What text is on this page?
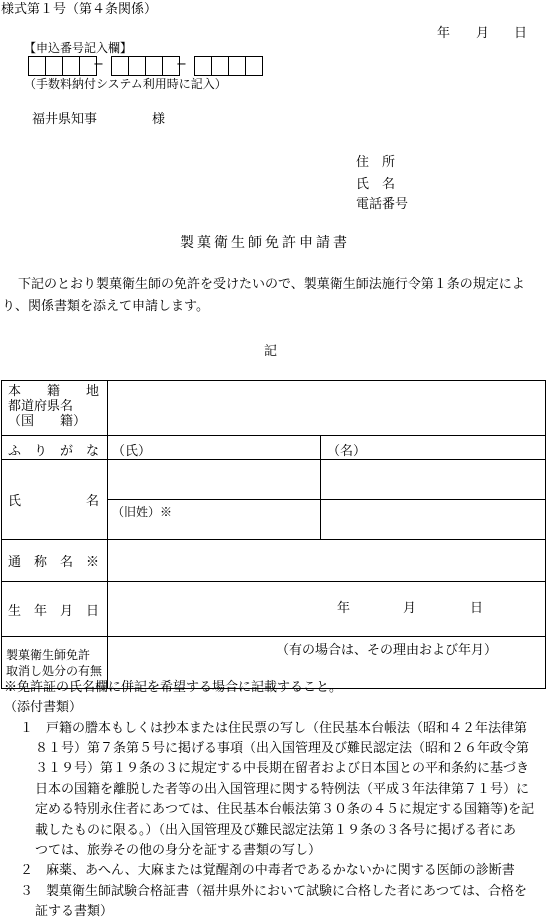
様式第１号（第４条関係）
年 月 日
【申込番号記入欄】
−	−
（手数料納付システム利用時に記入）
福井県知事	様
住　所
氏　名
電話番号
製菓衛生師免許申請書
下記のとおり製菓衛生師の免許を受けたいので、製菓衛生師法施行令第１条の規定によ
り、関係書類を添えて申請します。
記
本　　籍　　地
都道府県名
（国　　籍）		

ふ　り　が　な	（氏）	（名）

氏　　　　　名		

	（旧姓）※	

通　称　名　※		

生　年　月　日	年 月 日	

製菓衛生師免許
取消し処分の有無	（有の場合は、その理由および年月）	
※免許証の氏名欄に併記を希望する場合に記載すること。
（添付書類）
１　戸籍の謄本もしくは抄本または住民票の写し（住民基本台帳法（昭和４２年法律第
８１号）第７条第５号に掲げる事項（出入国管理及び難民認定法（昭和２６年政令第
３１９号）第１９条の３に規定する中長期在留者および日本国との平和条約に基づき
日本の国籍を離脱した者等の出入国管理に関する特例法（平成３年法律第７１号）に
定める特別永住者にあつては、住民基本台帳法第３０条の４５に規定する国籍等)を記
載したものに限る。）（出入国管理及び難民認定法第１９条の３各号に掲げる者にあ
つては、旅券その他の身分を証する書類の写し）
２　麻薬、あへん、大麻または覚醒剤の中毒者であるかないかに関する医師の診断書
３　製菓衛生師試験合格証書（福井県外において試験に合格した者にあつては、合格を
証する書類）
